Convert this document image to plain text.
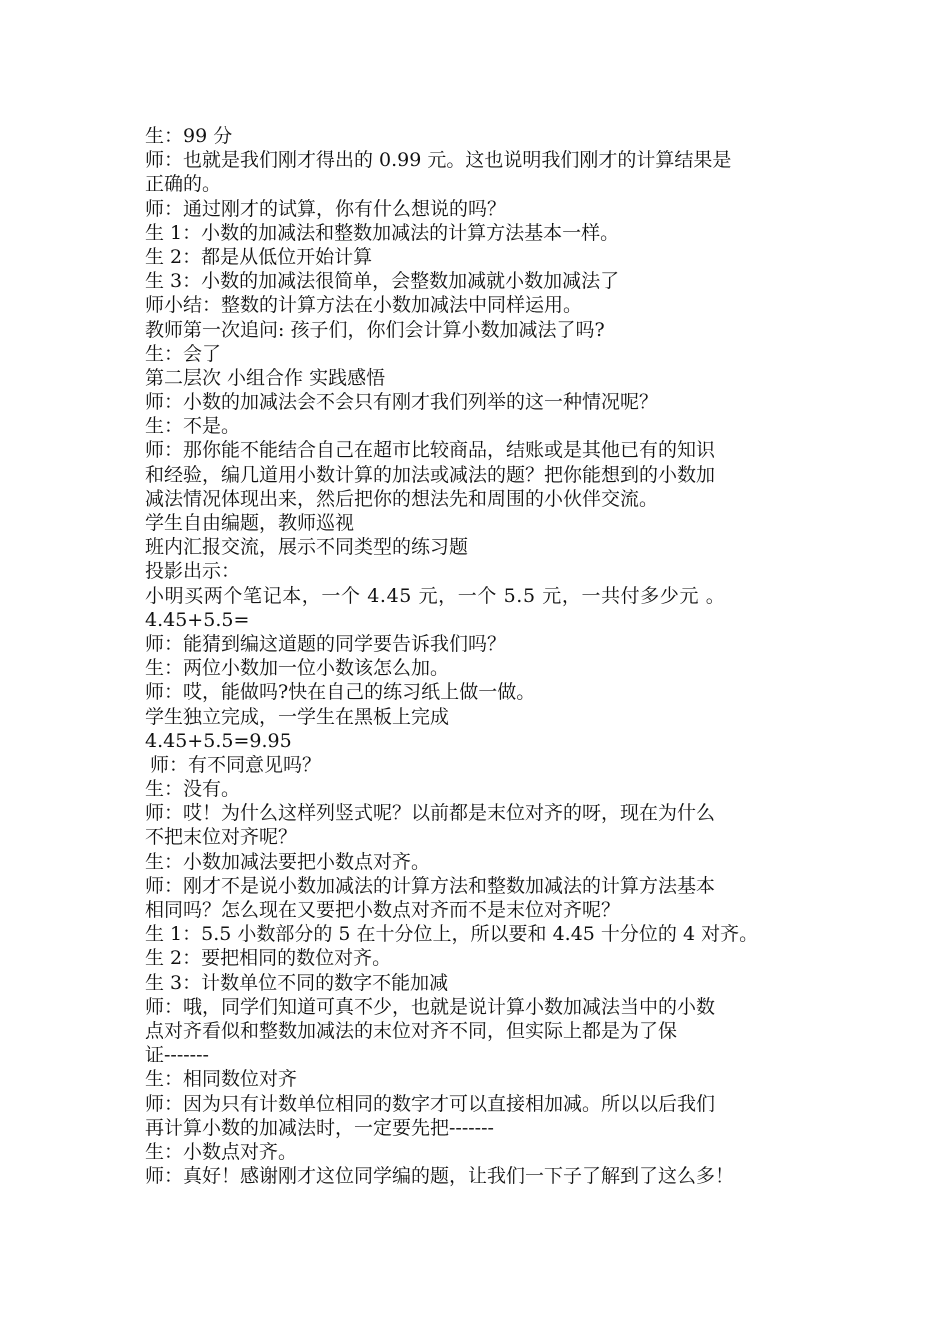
生：99 分
师：也就是我们刚才得出的 0.99 元。这也说明我们刚才的计算结果是
正确的。
师：通过刚才的试算，你有什么想说的吗？
生 1：小数的加减法和整数加减法的计算方法基本一样。
生 2：都是从低位开始计算
生 3：小数的加减法很简单，会整数加减就小数加减法了
师小结：整数的计算方法在小数加减法中同样运用。
教师第一次追问: 孩子们，你们会计算小数加减法了吗?
生：会了
第二层次 小组合作 实践感悟
师：小数的加减法会不会只有刚才我们列举的这一种情况呢？
生：不是。
师：那你能不能结合自己在超市比较商品，结账或是其他已有的知识
和经验，编几道用小数计算的加法或减法的题？把你能想到的小数加
减法情况体现出来，然后把你的想法先和周围的小伙伴交流。
学生自由编题，教师巡视
班内汇报交流，展示不同类型的练习题
投影出示：
小明买两个笔记本，一个 4.45 元，一个 5.5 元，一共付多少元 。
4.45+5.5=
师：能猜到编这道题的同学要告诉我们吗？
生：两位小数加一位小数该怎么加。
师：哎，能做吗?快在自己的练习纸上做一做。
学生独立完成，一学生在黑板上完成
4.45+5.5=9.95
师：有不同意见吗？
生：没有。
师：哎！为什么这样列竖式呢？以前都是末位对齐的呀，现在为什么
不把末位对齐呢？
生：小数加减法要把小数点对齐。
师：刚才不是说小数加减法的计算方法和整数加减法的计算方法基本
相同吗？怎么现在又要把小数点对齐而不是末位对齐呢？
生 1：5.5 小数部分的 5 在十分位上，所以要和 4.45 十分位的 4 对齐。
生 2：要把相同的数位对齐。
生 3：计数单位不同的数字不能加减
师：哦，同学们知道可真不少，也就是说计算小数加减法当中的小数
点对齐看似和整数加减法的末位对齐不同，但实际上都是为了保
证-------
生：相同数位对齐
师：因为只有计数单位相同的数字才可以直接相加减。所以以后我们
再计算小数的加减法时，一定要先把-------
生：小数点对齐。
师：真好！感谢刚才这位同学编的题，让我们一下子了解到了这么多！
